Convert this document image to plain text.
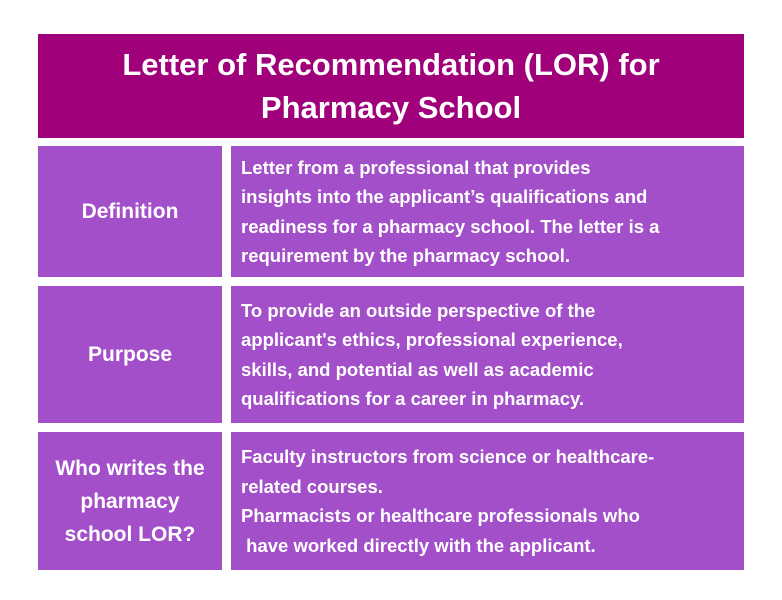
Letter of Recommendation (LOR) for Pharmacy School
Definition
Letter from a professional that provides
insights into the applicant’s qualifications and
readiness for a pharmacy school. The letter is a
requirement by the pharmacy school.
Purpose
To provide an outside perspective of the
applicant's ethics, professional experience,
skills, and potential as well as academic
qualifications for a career in pharmacy.
Who writes the pharmacy school LOR?
Faculty instructors from science or healthcare-
related courses.
Pharmacists or healthcare professionals who
have worked directly with the applicant.
